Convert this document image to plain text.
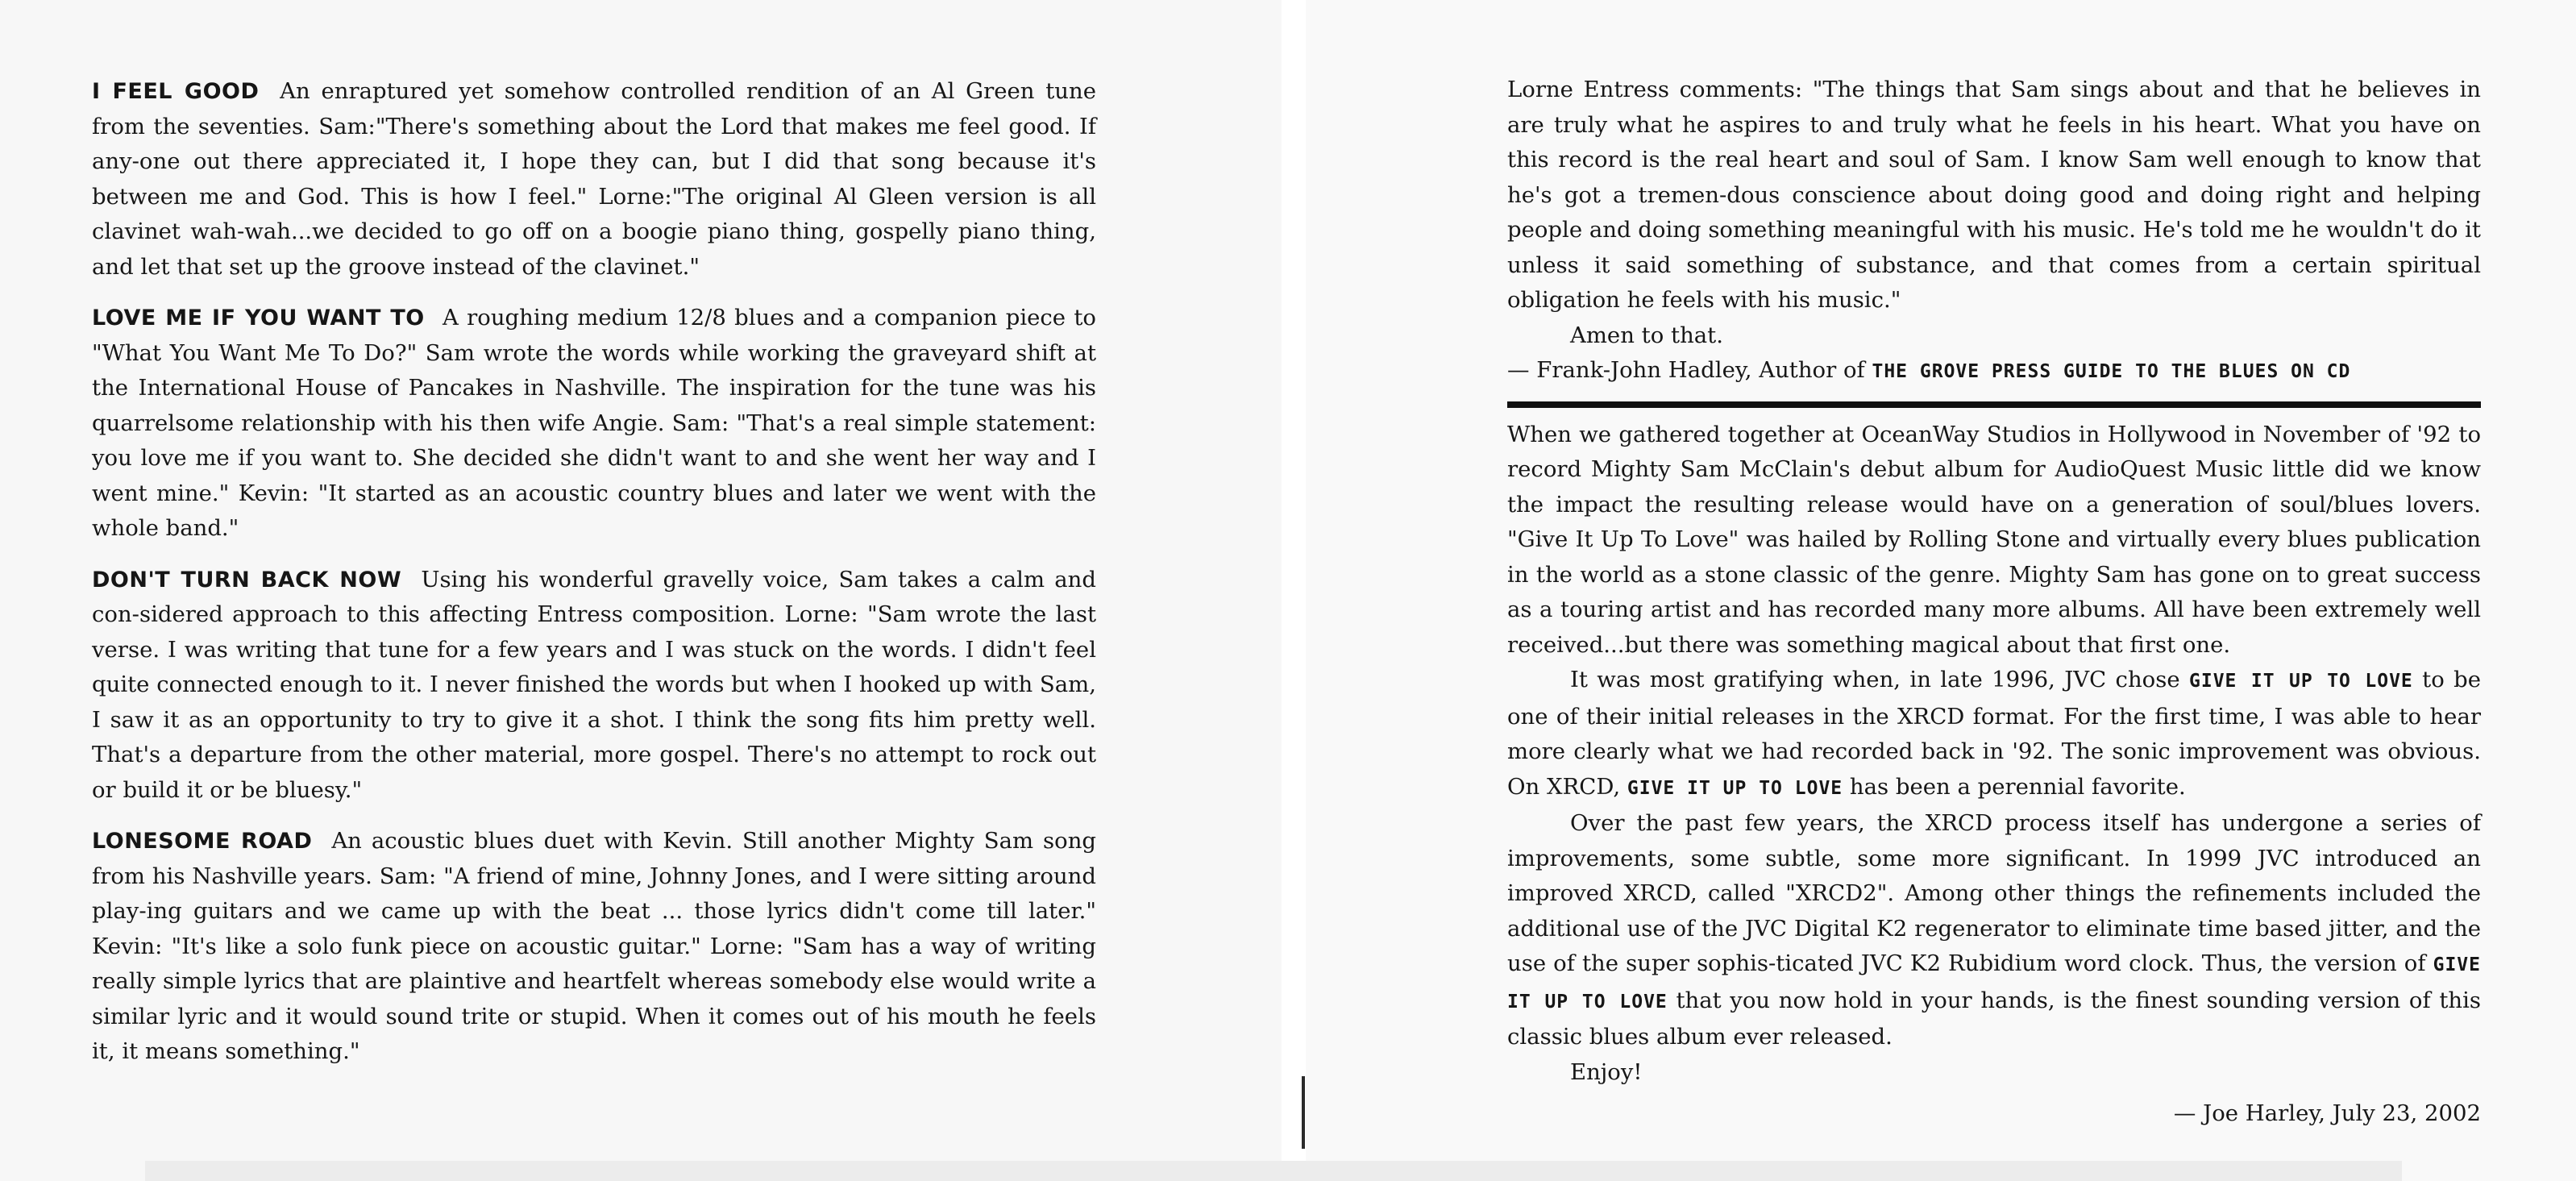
I FEEL GOOD An enraptured yet somehow controlled rendition of an Al Green tune from the seventies. Sam:"There's something about the Lord that makes me feel good. If any-one out there appreciated it, I hope they can, but I did that song because it's between me and God. This is how I feel." Lorne:"The original Al Gleen version is all clavinet wah-wah...we decided to go off on a boogie piano thing, gospelly piano thing, and let that set up the groove instead of the clavinet."

LOVE ME IF YOU WANT TO A roughing medium 12/8 blues and a companion piece to "What You Want Me To Do?" Sam wrote the words while working the graveyard shift at the International House of Pancakes in Nashville. The inspiration for the tune was his quarrelsome relationship with his then wife Angie. Sam: "That's a real simple statement: you love me if you want to. She decided she didn't want to and she went her way and I went mine." Kevin: "It started as an acoustic country blues and later we went with the whole band."

DON'T TURN BACK NOW Using his wonderful gravelly voice, Sam takes a calm and con-sidered approach to this affecting Entress composition. Lorne: "Sam wrote the last verse. I was writing that tune for a few years and I was stuck on the words. I didn't feel quite connected enough to it. I never finished the words but when I hooked up with Sam, I saw it as an opportunity to try to give it a shot. I think the song fits him pretty well. That's a departure from the other material, more gospel. There's no attempt to rock out or build it or be bluesy."

LONESOME ROAD An acoustic blues duet with Kevin. Still another Mighty Sam song from his Nashville years. Sam: "A friend of mine, Johnny Jones, and I were sitting around play-ing guitars and we came up with the beat ... those lyrics didn't come till later." Kevin: "It's like a solo funk piece on acoustic guitar." Lorne: "Sam has a way of writing really simple lyrics that are plaintive and heartfelt whereas somebody else would write a similar lyric and it would sound trite or stupid. When it comes out of his mouth he feels it, it means something."

Lorne Entress comments: "The things that Sam sings about and that he believes in are truly what he aspires to and truly what he feels in his heart. What you have on this record is the real heart and soul of Sam. I know Sam well enough to know that he's got a tremen-dous conscience about doing good and doing right and helping people and doing something meaningful with his music. He's told me he wouldn't do it unless it said something of substance, and that comes from a certain spiritual obligation he feels with his music."

Amen to that.

— Frank-John Hadley, Author of THE GROVE PRESS GUIDE TO THE BLUES ON CD

When we gathered together at OceanWay Studios in Hollywood in November of '92 to record Mighty Sam McClain's debut album for AudioQuest Music little did we know the impact the resulting release would have on a generation of soul/blues lovers. "Give It Up To Love" was hailed by Rolling Stone and virtually every blues publication in the world as a stone classic of the genre. Mighty Sam has gone on to great success as a touring artist and has recorded many more albums. All have been extremely well received...but there was something magical about that first one.

It was most gratifying when, in late 1996, JVC chose GIVE IT UP TO LOVE to be one of their initial releases in the XRCD format. For the first time, I was able to hear more clearly what we had recorded back in '92. The sonic improvement was obvious. On XRCD, GIVE IT UP TO LOVE has been a perennial favorite.

Over the past few years, the XRCD process itself has undergone a series of improvements, some subtle, some more significant. In 1999 JVC introduced an improved XRCD, called "XRCD2". Among other things the refinements included the additional use of the JVC Digital K2 regenerator to eliminate time based jitter, and the use of the super sophis-ticated JVC K2 Rubidium word clock. Thus, the version of GIVE IT UP TO LOVE that you now hold in your hands, is the finest sounding version of this classic blues album ever released.

Enjoy!

— Joe Harley, July 23, 2002
